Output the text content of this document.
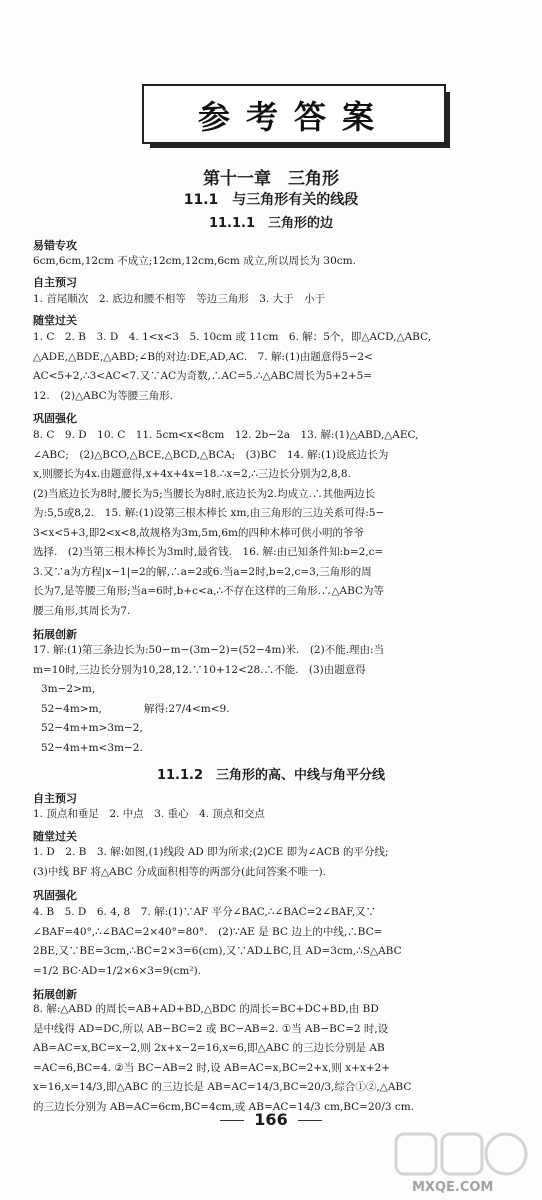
参考答案
第十一章　三角形
11.1　与三角形有关的线段
11.1.1　三角形的边
易错专攻
6cm,6cm,12cm 不成立;12cm,12cm,6cm 成立,所以周长为 30cm.
自主预习
1. 首尾顺次　2. 底边和腰不相等　等边三角形　3. 大于　小于
随堂过关
1. C　2. B　3. D　4. 1<x<3　5. 10cm 或 11cm　6. 解：5个，即△ACD,△ABC,
△ADE,△BDE,△ABD;∠B的对边:DE,AD,AC.　7. 解:(1)由题意得5−2<
AC<5+2,∴3<AC<7.又∵AC为奇数,∴AC=5.∴△ABC周长为5+2+5=
12.　(2)△ABC为等腰三角形.
巩固强化
8. C　9. D　10. C　11. 5cm<x<8cm　12. 2b−2a　13. 解:(1)△ABD,△AEC,
∠ABC;　(2)△BCO,△BCE,△BCD,△BCA;　(3)BC　14. 解:(1)设底边长为
x,则腰长为4x.由题意得,x+4x+4x=18.∴x=2,∴三边长分别为2,8,8.
(2)当底边长为8时,腰长为5;当腰长为8时,底边长为2.均成立.∴其他两边长
为:5,5或8,2.　15. 解:(1)设第三根木棒长 xm,由三角形的三边关系可得:5−
3<x<5+3,即2<x<8,故规格为3m,5m,6m的四种木棒可供小明的爷爷
选择.　(2)当第三根木棒长为3m时,最省钱.　16. 解:由已知条件知:b=2,c=
3.又∵a为方程|x−1|=2的解,∴a=2或6.当a=2时,b=2,c=3,三角形的周
长为7,是等腰三角形;当a=6时,b+c<a,∴不存在这样的三角形.∴△ABC为等
腰三角形,其周长为7.
拓展创新
17. 解:(1)第三条边长为:50−m−(3m−2)=(52−4m)米.　(2)不能.理由:当
m=10时,三边长分别为10,28,12.∵10+12<28.∴不能.　(3)由题意得
3m−2>m,
52−4m>m,　　　　解得:27/4<m<9.
52−4m+m>3m−2,
52−4m+m<3m−2.
11.1.2　三角形的高、中线与角平分线
自主预习
1. 顶点和垂足　2. 中点　3. 重心　4. 顶点和交点
随堂过关
1. D　2. B　3. 解:如图,(1)线段 AD 即为所求;(2)CE 即为∠ACB 的平分线;
(3)中线 BF 将△ABC 分成面积相等的两部分(此问答案不唯一).
巩固强化
4. B　5. D　6. 4, 8　7. 解:(1)∵AF 平分∠BAC,∴∠BAC=2∠BAF,又∵
∠BAF=40°,∴∠BAC=2×40°=80°.　(2)∵AE 是 BC 边上的中线,∴BC=
2BE,又∵BE=3cm,∴BC=2×3=6(cm),又∵AD⊥BC,且 AD=3cm,∴S△ABC
=1/2 BC·AD=1/2×6×3=9(cm²).
拓展创新
8. 解:△ABD 的周长=AB+AD+BD,△BDC 的周长=BC+DC+BD,由 BD
是中线得 AD=DC,所以 AB−BC=2 或 BC−AB=2. ①当 AB−BC=2 时,设
AB=AC=x,BC=x−2,则 2x+x−2=16,x=6,即△ABC 的三边长分别是 AB
=AC=6,BC=4. ②当 BC−AB=2 时,设 AB=AC=x,BC=2+x,则 x+x+2+
x=16,x=14/3,即△ABC 的三边长是 AB=AC=14/3,BC=20/3,综合①②,△ABC
的三边长分别为 AB=AC=6cm,BC=4cm,或 AB=AC=14/3 cm,BC=20/3 cm.
166
MXQE.COM
